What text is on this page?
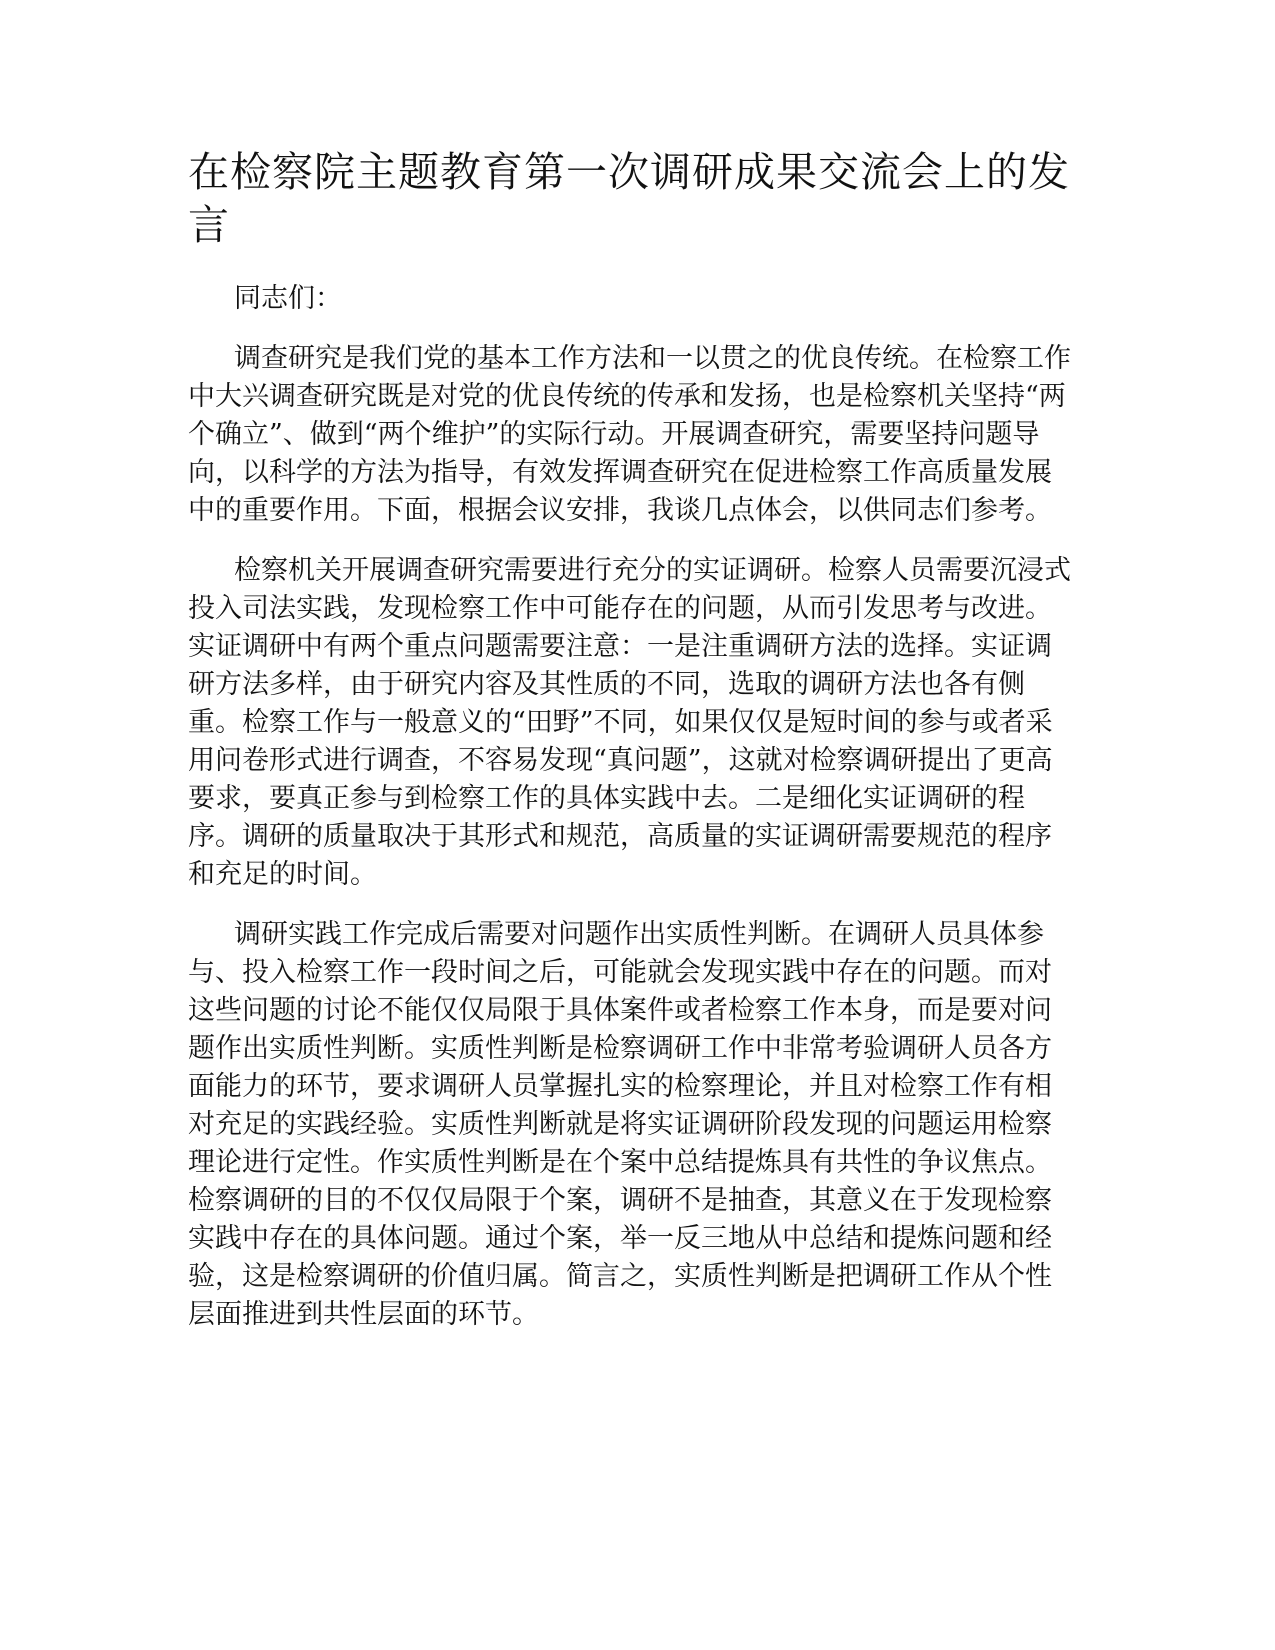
在检察院主题教育第一次调研成果交流会上的发言

同志们：

调查研究是我们党的基本工作方法和一以贯之的优良传统。在检察工作中大兴调查研究既是对党的优良传统的传承和发扬，也是检察机关坚持“两个确立”、做到“两个维护”的实际行动。开展调查研究，需要坚持问题导向，以科学的方法为指导，有效发挥调查研究在促进检察工作高质量发展中的重要作用。下面，根据会议安排，我谈几点体会，以供同志们参考。

检察机关开展调查研究需要进行充分的实证调研。检察人员需要沉浸式投入司法实践，发现检察工作中可能存在的问题，从而引发思考与改进。实证调研中有两个重点问题需要注意：一是注重调研方法的选择。实证调研方法多样，由于研究内容及其性质的不同，选取的调研方法也各有侧重。检察工作与一般意义的“田野”不同，如果仅仅是短时间的参与或者采用问卷形式进行调查，不容易发现“真问题”，这就对检察调研提出了更高要求，要真正参与到检察工作的具体实践中去。二是细化实证调研的程序。调研的质量取决于其形式和规范，高质量的实证调研需要规范的程序和充足的时间。

调研实践工作完成后需要对问题作出实质性判断。在调研人员具体参与、投入检察工作一段时间之后，可能就会发现实践中存在的问题。而对这些问题的讨论不能仅仅局限于具体案件或者检察工作本身，而是要对问题作出实质性判断。实质性判断是检察调研工作中非常考验调研人员各方面能力的环节，要求调研人员掌握扎实的检察理论，并且对检察工作有相对充足的实践经验。实质性判断就是将实证调研阶段发现的问题运用检察理论进行定性。作实质性判断是在个案中总结提炼具有共性的争议焦点。检察调研的目的不仅仅局限于个案，调研不是抽查，其意义在于发现检察实践中存在的具体问题。通过个案，举一反三地从中总结和提炼问题和经验，这是检察调研的价值归属。简言之，实质性判断是把调研工作从个性层面推进到共性层面的环节。
